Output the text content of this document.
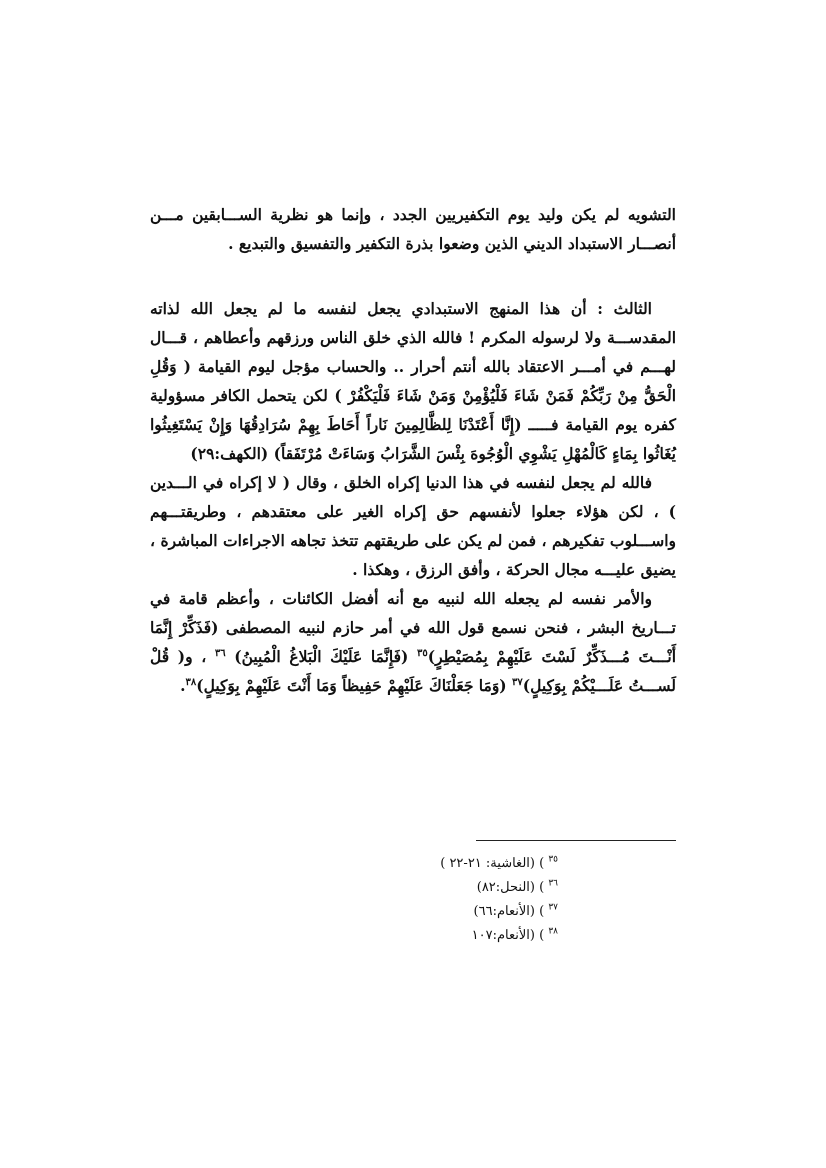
التشويه لم يكن وليد يوم التكفيريين الجدد ، وإنما هو نظرية الســـابقين مـــن أنصـــار الاستبداد الديني الذين وضعوا بذرة التكفير والتفسيق والتبديع .

الثالث : أن هذا المنهج الاستبدادي يجعل لنفسه ما لم يجعل الله لذاته المقدســـة ولا لرسوله المكرم ! فالله الذي خلق الناس ورزقهم وأعطاهم ، قـــال لهـــم في أمـــر الاعتقاد بالله أنتم أحرار .. والحساب مؤجل ليوم القيامة ( وَقُلِ الْحَقُّ مِنْ رَبِّكُمْ فَمَنْ شَاءَ فَلْيُؤْمِنْ وَمَنْ شَاءَ فَلْيَكْفُرْ ) لكن يتحمل الكافر مسؤولية كفره يوم القيامة فـــــ (إِنَّا أَعْتَدْنَا لِلظَّالِمِينَ نَاراً أَحَاطَ بِهِمْ سُرَادِقُهَا وَإِنْ يَسْتَغِيثُوا يُغَاثُوا بِمَاءٍ كَالْمُهْلِ يَشْوِي الْوُجُوهَ بِئْسَ الشَّرَابُ وَسَاءَتْ مُرْتَفَقاً) (الكهف:٢٩)

فالله لم يجعل لنفسه في هذا الدنيا إكراه الخلق ، وقال ( لا إكراه في الـــدين ) ، لكن هؤلاء جعلوا لأنفسهم حق إكراه الغير على معتقدهم ، وطريقتـــهم واســـلوب تفكيرهم ، فمن لم يكن على طريقتهم تتخذ تجاهه الاجراءات المباشرة ، يضيق عليـــه مجال الحركة ، وأفق الرزق ، وهكذا .

والأمر نفسه لم يجعله الله لنبيه مع أنه أفضل الكائنات ، وأعظم قامة في تـــاريخ البشر ، فنحن نسمع قول الله في أمر حازم لنبيه المصطفى (فَذَكِّرْ إِنَّمَا أَنْـــتَ مُـــذَكِّرٌ لَسْتَ عَلَيْهِمْ بِمُصَيْطِرٍ)$^{٣٥}$ (فَإِنَّمَا عَلَيْكَ الْبَلاغُ الْمُبِينُ) $^{٣٦}$ ، و( قُلْ لَســـتُ عَلَـــيْكُمْ بِوَكِيلٍ)$^{٣٧}$ (وَمَا جَعَلْنَاكَ عَلَيْهِمْ حَفِيظاً وَمَا أَنْتَ عَلَيْهِمْ بِوَكِيلٍ)$^{٣٨}$.

$^{٣٥}$ ) (الغاشية: ٢١-٢٢ )

$^{٣٦}$ ) (النحل:٨٢)

$^{٣٧}$ ) (الأنعام:٦٦)

$^{٣٨}$ ) (الأنعام:١٠٧
